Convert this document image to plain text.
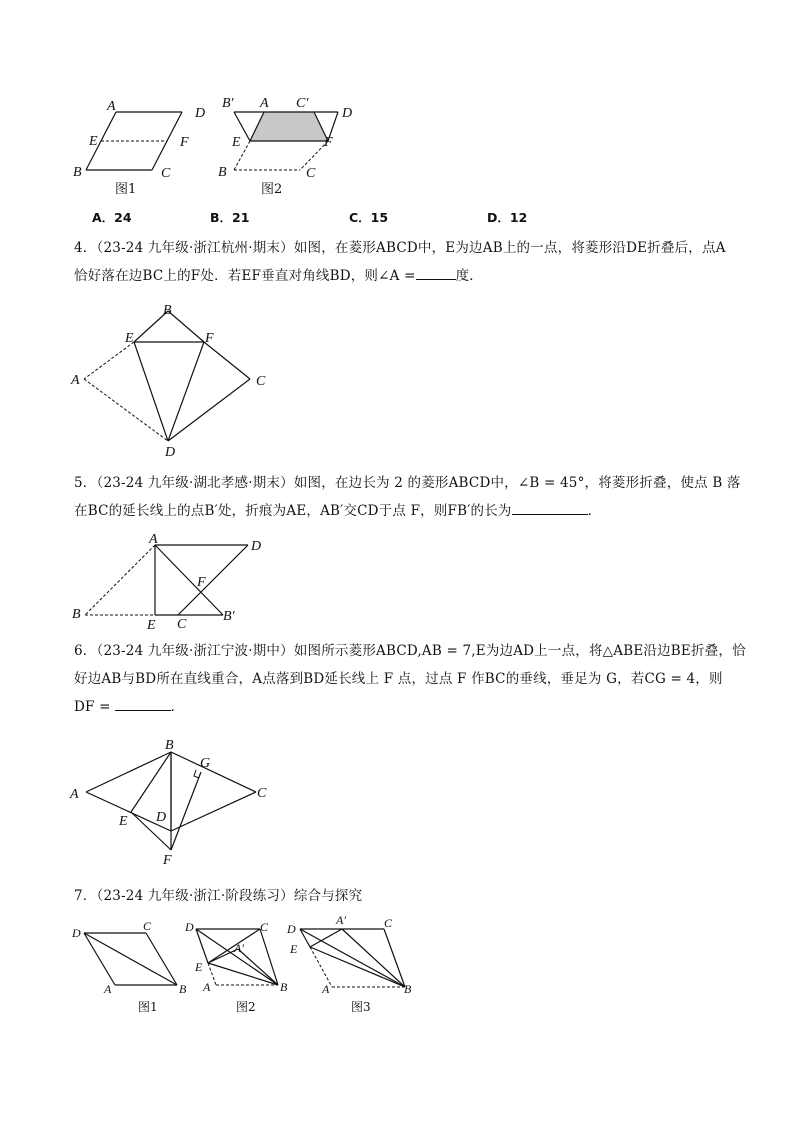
A	D
E	F
B	C
图1
B′ A C′
D
E	F
B	C
图2
A．24	B．21	C．15	D．12
4．（23-24 九年级·浙江杭州·期末）如图，在菱形ABCD中，E为边AB上的一点，将菱形沿DE折叠后，点A
恰好落在边BC上的F处．若EF垂直对角线BD，则∠A =	度．
B
E	F
A	C
D
5．（23-24 九年级·湖北孝感·期末）如图，在边长为 2 的菱形ABCD中，∠B = 45°，将菱形折叠，使点 B 落
在BC的延长线上的点B′处，折痕为AE，AB′交CD于点 F，则FB′的长为	．
A	D
F
B
E C
B′
6．（23-24 九年级·浙江宁波·期中）如图所示菱形ABCD,AB = 7,E为边AD上一点，将△ABE沿边BE折叠，恰
好边AB与BD所在直线重合，A点落到BD延长线上 F 点，过点 F 作BC的垂线，垂足为 G，若CG = 4，则
DF =	．
B
G
A	C
E D
F
7．（23-24 九年级·浙江·阶段练习）综合与探究
D	C
A	B
图1
D	C
A′
E
A	B
图2
A′	C
D
E
A	B
图3
